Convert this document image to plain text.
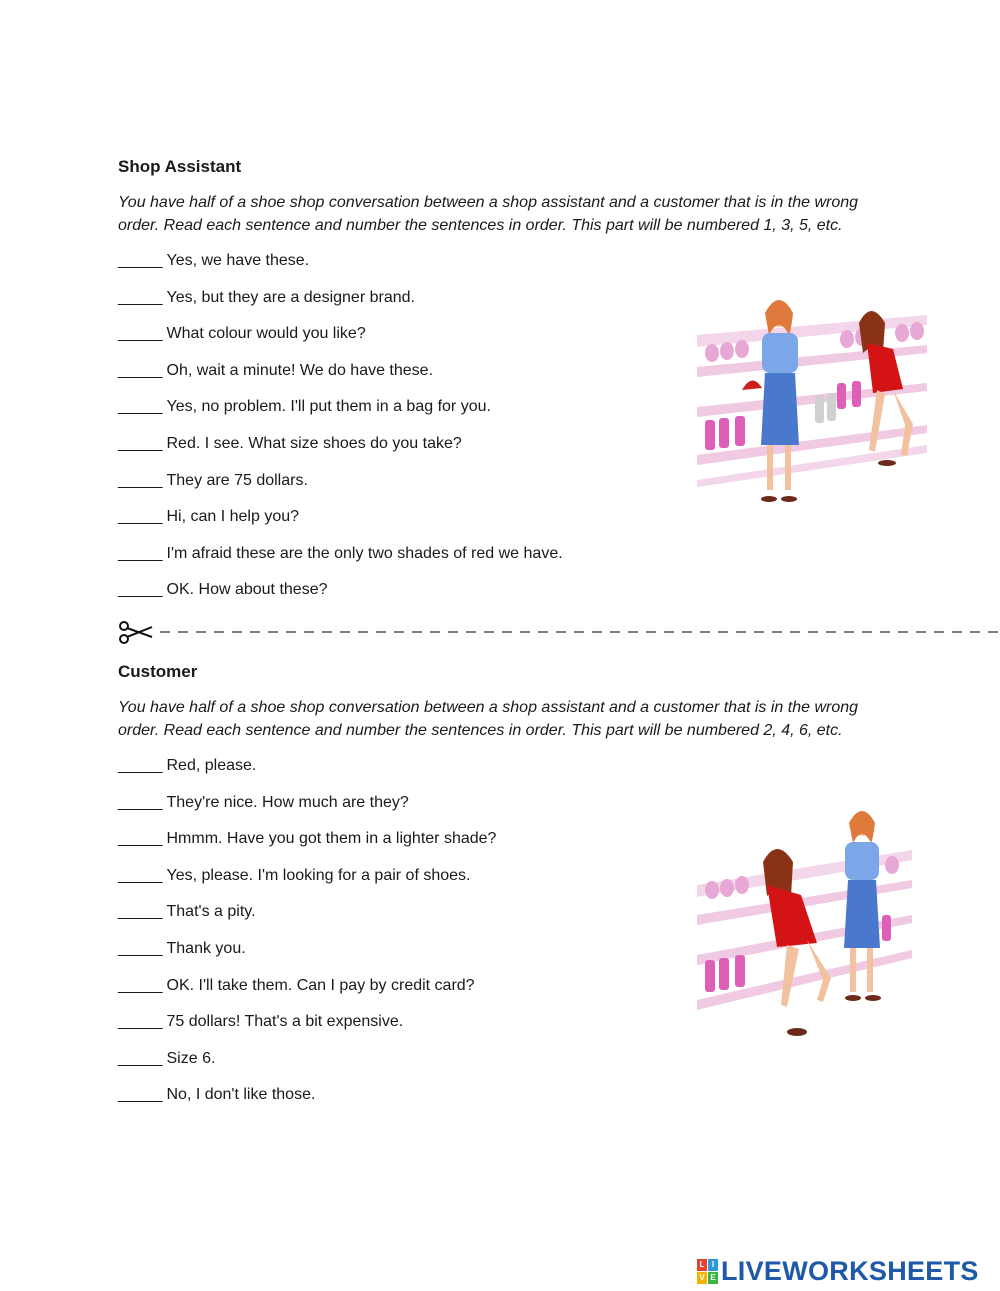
Shop Assistant
You have half of a shoe shop conversation between a shop assistant and a customer that is in the wrong order. Read each sentence and number the sentences in order. This part will be numbered 1, 3, 5, etc.
_____ Yes, we have these.
_____ Yes, but they are a designer brand.
_____ What colour would you like?
_____ Oh, wait a minute! We do have these.
_____ Yes, no problem. I'll put them in a bag for you.
_____ Red. I see. What size shoes do you take?
_____ They are 75 dollars.
_____ Hi, can I help you?
_____ I'm afraid these are the only two shades of red we have.
_____ OK. How about these?
Customer
You have half of a shoe shop conversation between a shop assistant and a customer that is in the wrong order. Read each sentence and number the sentences in order. This part will be numbered 2, 4, 6, etc.
_____ Red, please.
_____ They're nice. How much are they?
_____ Hmmm. Have you got them in a lighter shade?
_____ Yes, please. I'm looking for a pair of shoes.
_____ That's a pity.
_____ Thank you.
_____ OK. I'll take them. Can I pay by credit card?
_____ 75 dollars! That's a bit expensive.
_____ Size 6.
_____ No, I don't like those.
L I
V E LIVEWORKSHEETS
